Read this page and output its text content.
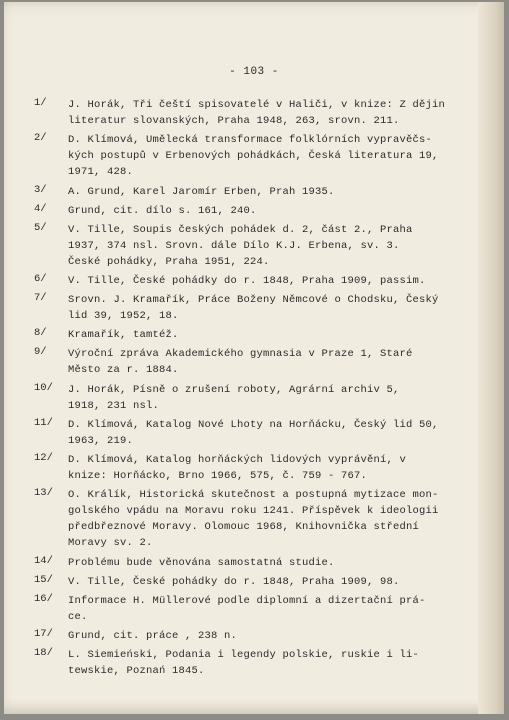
- 103 -
1/	J. Horák, Tři čeští spisovatelé v Haliči, v knize: Z dějin
literatur slovanských, Praha 1948, 263, srovn. 211.
2/	D. Klímová, Umělecká transformace folklórních vypravěčs-
kých postupů v Erbenových pohádkách, Česká literatura 19,
1971, 428.
3/	A. Grund, Karel Jaromír Erben, Prah 1935.
4/	Grund, cit. dílo s. 161, 240.
5/	V. Tille, Soupis českých pohádek d. 2, část 2., Praha
1937, 374 nsl. Srovn. dále Dílo K.J. Erbena, sv. 3.
České pohádky, Praha 1951, 224.
6/	V. Tille, České pohádky do r. 1848, Praha 1909, passim.
7/	Srovn. J. Kramařík, Práce Boženy Němcové o Chodsku, Český
lid 39, 1952, 18.
8/	Kramařík, tamtéž.
9/	Výroční zpráva Akademického gymnasia v Praze 1, Staré
Město za r. 1884.
10/	J. Horák, Písně o zrušení roboty, Agrární archiv 5,
1918, 231 nsl.
11/	D. Klímová, Katalog Nové Lhoty na Horňácku, Český lid 50,
1963, 219.
12/	D. Klímová, Katalog horňáckých lidových vyprávění, v
knize: Horňácko, Brno 1966, 575, č. 759 - 767.
13/	O. Králík, Historická skutečnost a postupná mytizace mon-
golského vpádu na Moravu roku 1241. Příspěvek k ideologii
předbřeznové Moravy. Olomouc 1968, Knihovnička střední
Moravy sv. 2.
14/	Problému bude věnována samostatná studie.
15/	V. Tille, České pohádky do r. 1848, Praha 1909, 98.
16/	Informace H. Müllerové podle diplomní a dizertační prá-
ce.
17/	Grund, cit. práce , 238 n.
18/	L. Siemieński, Podania i legendy polskie, ruskie i li-
tewskie, Poznań 1845.
